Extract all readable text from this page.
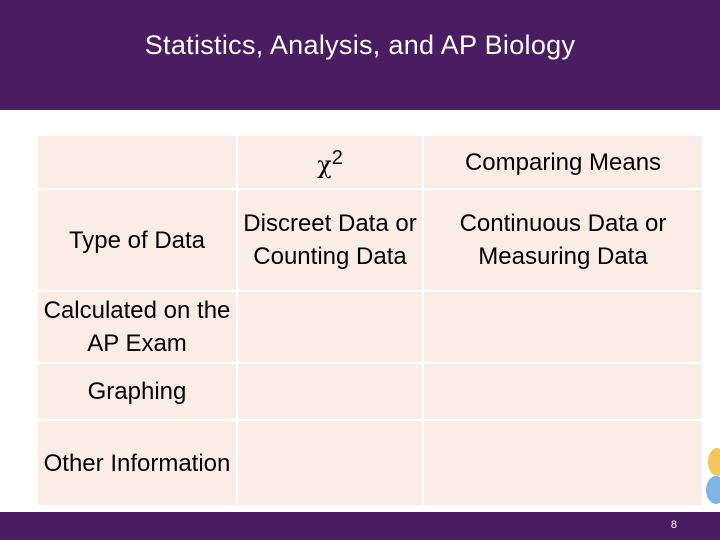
Statistics, Analysis, and AP Biology
	$\chi^2$	Comparing Means
Type of Data	Discreet Data or Counting Data	Continuous Data or Measuring Data
Calculated on the AP Exam		
Graphing		
Other Information		
8
